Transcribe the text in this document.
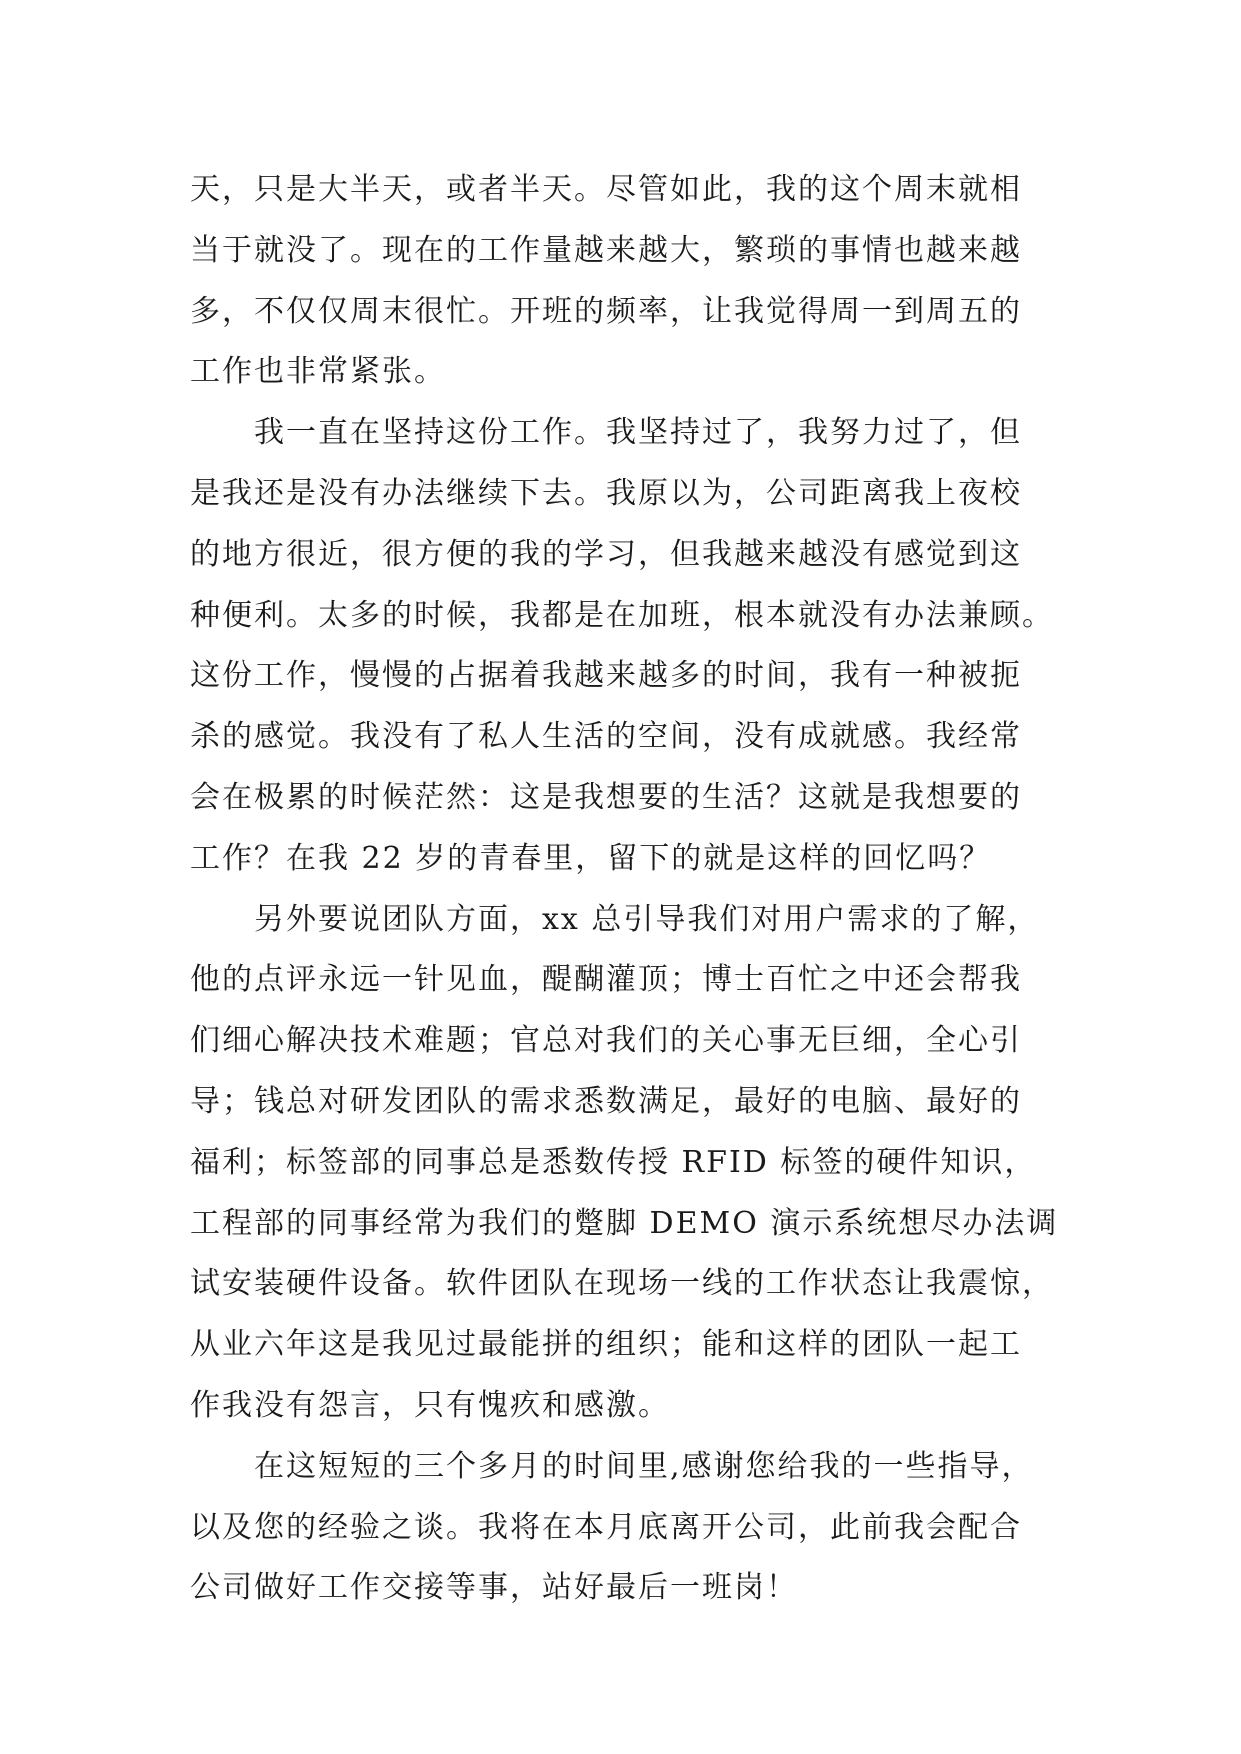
天，只是大半天，或者半天。尽管如此，我的这个周末就相
当于就没了。现在的工作量越来越大，繁琐的事情也越来越
多，不仅仅周末很忙。开班的频率，让我觉得周一到周五的
工作也非常紧张。
我一直在坚持这份工作。我坚持过了，我努力过了，但
是我还是没有办法继续下去。我原以为，公司距离我上夜校
的地方很近，很方便的我的学习，但我越来越没有感觉到这
种便利。太多的时候，我都是在加班，根本就没有办法兼顾。
这份工作，慢慢的占据着我越来越多的时间，我有一种被扼
杀的感觉。我没有了私人生活的空间，没有成就感。我经常
会在极累的时候茫然：这是我想要的生活？这就是我想要的
工作？在我 22 岁的青春里，留下的就是这样的回忆吗？
另外要说团队方面，xx 总引导我们对用户需求的了解，
他的点评永远一针见血，醍醐灌顶；博士百忙之中还会帮我
们细心解决技术难题；官总对我们的关心事无巨细，全心引
导；钱总对研发团队的需求悉数满足，最好的电脑、最好的
福利；标签部的同事总是悉数传授 RFID 标签的硬件知识，
工程部的同事经常为我们的蹩脚 DEMO 演示系统想尽办法调
试安装硬件设备。软件团队在现场一线的工作状态让我震惊，
从业六年这是我见过最能拼的组织；能和这样的团队一起工
作我没有怨言，只有愧疚和感激。
在这短短的三个多月的时间里,感谢您给我的一些指导，
以及您的经验之谈。我将在本月底离开公司，此前我会配合
公司做好工作交接等事，站好最后一班岗！
